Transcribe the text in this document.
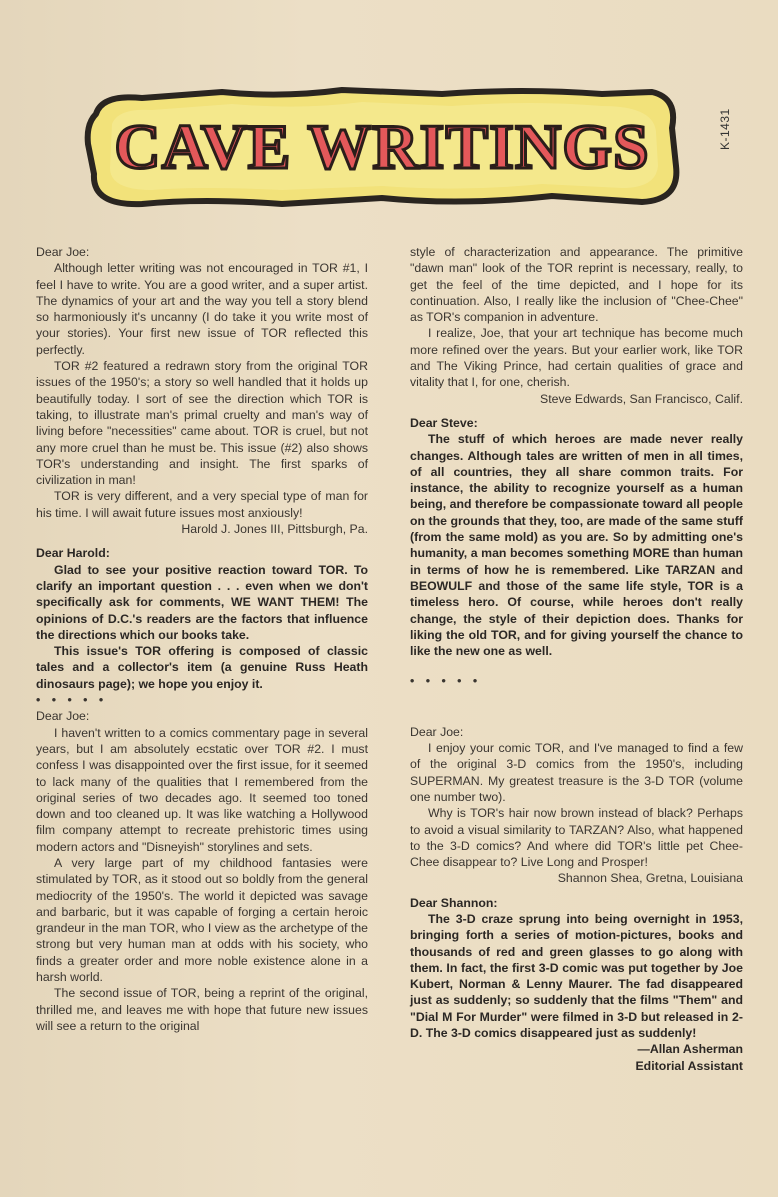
CAVE WRITINGS	K-1431

Dear Joe:

Although letter writing was not encouraged in TOR #1, I feel I have to write. You are a good writer, and a super artist. The dynamics of your art and the way you tell a story blend so harmoniously it's uncanny (I do take it you write most of your stories). Your first new issue of TOR reflected this perfectly.

TOR #2 featured a redrawn story from the original TOR issues of the 1950's; a story so well handled that it holds up beautifully today. I sort of see the direction which TOR is taking, to illustrate man's primal cruelty and man's way of living before "necessities" came about. TOR is cruel, but not any more cruel than he must be. This issue (#2) also shows TOR's understanding and insight. The first sparks of civilization in man!

TOR is very different, and a very special type of man for his time. I will await future issues most anxiously!

Harold J. Jones III, Pittsburgh, Pa.

Dear Harold:

Glad to see your positive reaction toward TOR. To clarify an important question . . . even when we don't specifically ask for comments, WE WANT THEM! The opinions of D.C.'s readers are the factors that influence the directions which our books take.

This issue's TOR offering is composed of classic tales and a collector's item (a genuine Russ Heath dinosaurs page); we hope you enjoy it.

• • • • •

Dear Joe:

I haven't written to a comics commentary page in several years, but I am absolutely ecstatic over TOR #2. I must confess I was disappointed over the first issue, for it seemed to lack many of the qualities that I remembered from the original series of two decades ago. It seemed too toned down and too cleaned up. It was like watching a Hollywood film company attempt to recreate prehistoric times using modern actors and "Disneyish" storylines and sets.

A very large part of my childhood fantasies were stimulated by TOR, as it stood out so boldly from the general mediocrity of the 1950's. The world it depicted was savage and barbaric, but it was capable of forging a certain heroic grandeur in the man TOR, who I view as the archetype of the strong but very human man at odds with his society, who finds a greater order and more noble existence alone in a harsh world.

The second issue of TOR, being a reprint of the original, thrilled me, and leaves me with hope that future new issues will see a return to the original

style of characterization and appearance. The primitive "dawn man" look of the TOR reprint is necessary, really, to get the feel of the time depicted, and I hope for its continuation. Also, I really like the inclusion of "Chee-Chee" as TOR's companion in adventure.

I realize, Joe, that your art technique has become much more refined over the years. But your earlier work, like TOR and The Viking Prince, had certain qualities of grace and vitality that I, for one, cherish.

Steve Edwards, San Francisco, Calif.

Dear Steve:

The stuff of which heroes are made never really changes. Although tales are written of men in all times, of all countries, they all share common traits. For instance, the ability to recognize yourself as a human being, and therefore be compassionate toward all people on the grounds that they, too, are made of the same stuff (from the same mold) as you are. So by admitting one's humanity, a man becomes something MORE than human in terms of how he is remembered. Like TARZAN and BEOWULF and those of the same life style, TOR is a timeless hero. Of course, while heroes don't really change, the style of their depiction does. Thanks for liking the old TOR, and for giving yourself the chance to like the new one as well.

• • • • •

Dear Joe:

I enjoy your comic TOR, and I've managed to find a few of the original 3-D comics from the 1950's, including SUPERMAN. My greatest treasure is the 3-D TOR (volume one number two).

Why is TOR's hair now brown instead of black? Perhaps to avoid a visual similarity to TARZAN? Also, what happened to the 3-D comics? And where did TOR's little pet Chee-Chee disappear to? Live Long and Prosper!

Shannon Shea, Gretna, Louisiana

Dear Shannon:

The 3-D craze sprung into being overnight in 1953, bringing forth a series of motion-pictures, books and thousands of red and green glasses to go along with them. In fact, the first 3-D comic was put together by Joe Kubert, Norman & Lenny Maurer. The fad disappeared just as suddenly; so suddenly that the films "Them" and "Dial M For Murder" were filmed in 3-D but released in 2-D. The 3-D comics disappeared just as suddenly!

—Allan Asherman

Editorial Assistant
